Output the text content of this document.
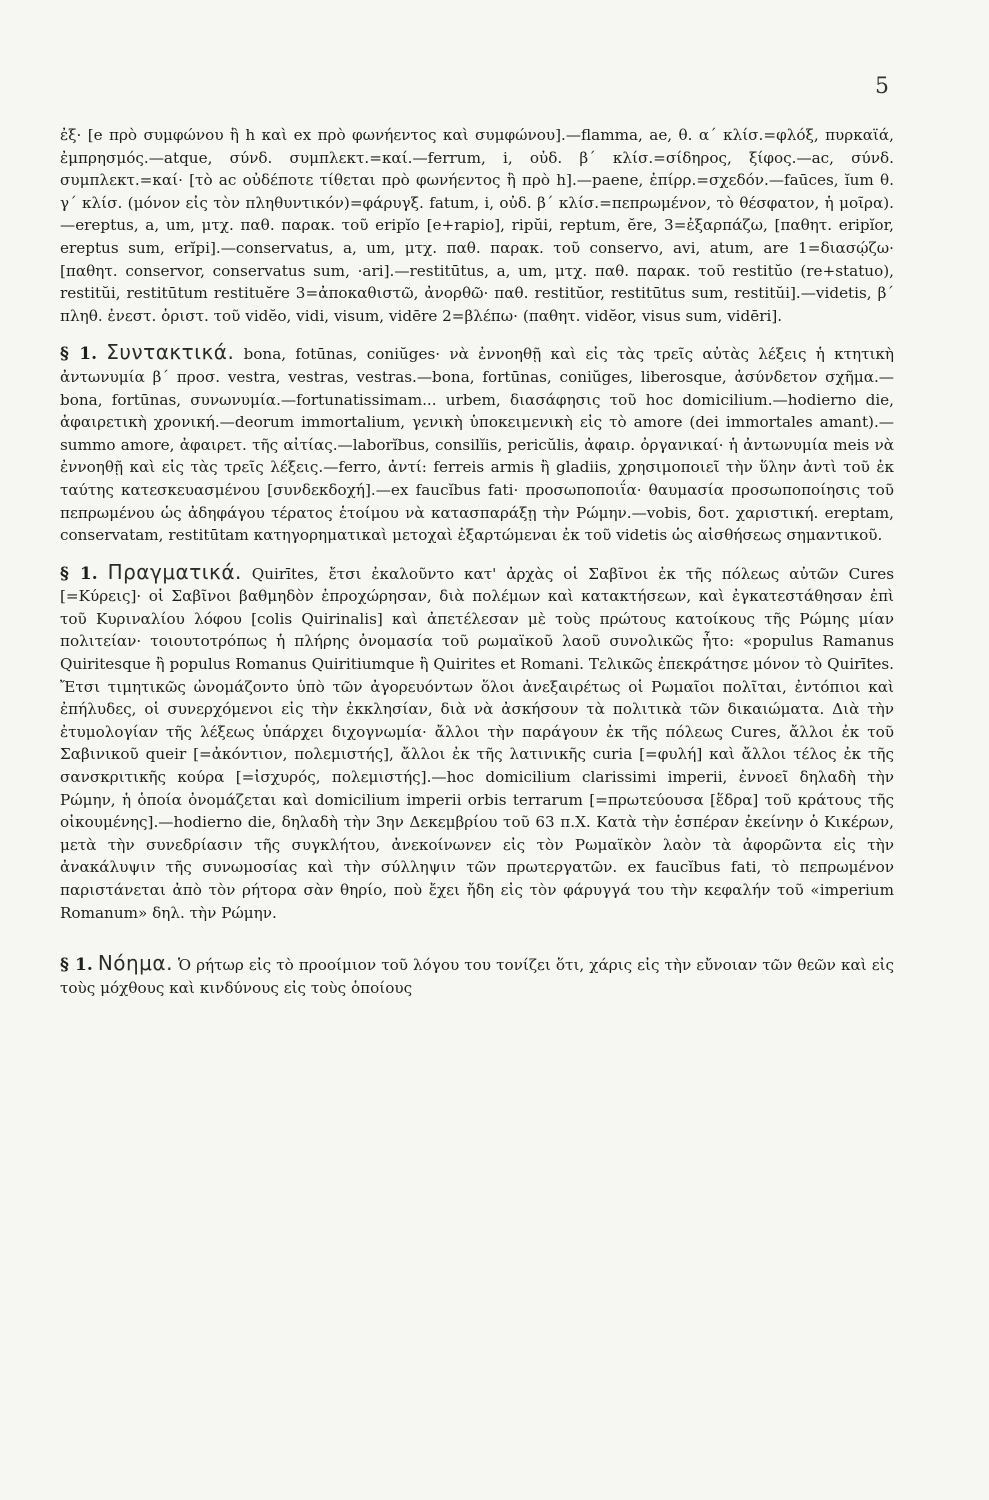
5

ἐξ· [e πρὸ συμφώνου ἢ h καὶ ex πρὸ φωνήεντος καὶ συμφώνου].—flamma, ae, θ. α΄ κλίσ.=φλόξ, πυρκαϊά, ἐμπρησμός.—atque, σύνδ. συμπλεκτ.=καί.—ferrum, i, οὐδ. β΄ κλίσ.=σίδηρος, ξίφος.—ac, σύνδ. συμπλεκτ.=καί· [τὸ ac οὐδέποτε τίθεται πρὸ φωνήεντος ἢ πρὸ h].—paene, ἐπίρρ.=σχεδόν.—faūces, ĭum θ. γ΄ κλίσ. (μόνον εἰς τὸν πληθυντικόν)=φάρυγξ. fatum, i, οὐδ. β΄ κλίσ.=πεπρωμένον, τὸ θέσφατον, ἡ μοῖρα).—ereptus, a, um, μτχ. παθ. παρακ. τοῦ eripĭo [e+rapio], ripŭi, reptum, ĕre, 3=ἐξαρπάζω, [παθητ. eripĭor, ereptus sum, erĭpi].—conservatus, a, um, μτχ. παθ. παρακ. τοῦ conservo, avi, atum, are 1=διασῴζω· [παθητ. conservor, conservatus sum, ·ari].—restitūtus, a, um, μτχ. παθ. παρακ. τοῦ restitŭo (re+statuo), restitŭi, restitūtum restituĕre 3=ἀποκαθιστῶ, ἀνορθῶ· παθ. restitŭor, restitūtus sum, restitŭi].—videtis, β΄ πληθ. ἐνεστ. ὁριστ. τοῦ vidĕo, vidi, visum, vidēre 2=βλέπω· (παθητ. vidĕor, visus sum, vidēri].

§ 1. Συντακτικά. bona, fotūnas, coniŭges· νὰ ἐννοηθῇ καὶ εἰς τὰς τρεῖς αὐτὰς λέξεις ἡ κτητικὴ ἀντωνυμία β΄ προσ. vestra, vestras, vestras.—bona, fortūnas, coniŭges, liberosque, ἀσύνδετον σχῆμα.—bona, fortūnas, συνωνυμία.—fortunatissimam... urbem, διασάφησις τοῦ hoc domicilium.—hodierno die, ἀφαιρετικὴ χρονική.—deorum immortalium, γενικὴ ὑποκειμενικὴ εἰς τὸ amore (dei immortales amant).—summo amore, ἀφαιρετ. τῆς αἰτίας.—laborĭbus, consilĭis, pericŭlis, ἀφαιρ. ὀργανικαί· ἡ ἀντωνυμία meis νὰ ἐννοηθῇ καὶ εἰς τὰς τρεῖς λέξεις.—ferro, ἀντί: ferreis armis ἢ gladiis, χρησιμοποιεῖ τὴν ὕλην ἀντὶ τοῦ ἐκ ταύτης κατεσκευασμένου [συνδεκδοχή].—ex faucĭbus fati· προσωποποιΐα· θαυμασία προσωποποίησις τοῦ πεπρωμένου ὡς ἀδηφάγου τέρατος ἑτοίμου νὰ κατασπαράξῃ τὴν Ρώμην.—vobis, δοτ. χαριστική. ereptam, conservatam, restitūtam κατηγορηματικαὶ μετοχαὶ ἐξαρτώμεναι ἐκ τοῦ videtis ὡς αἰσθήσεως σημαντικοῦ.

§ 1. Πραγματικά. Quirītes, ἔτσι ἐκαλοῦντο κατ' ἀρχὰς οἱ Σαβῖνοι ἐκ τῆς πόλεως αὐτῶν Cures [=Κύρεις]· οἱ Σαβῖνοι βαθμηδὸν ἐπροχώρησαν, διὰ πολέμων καὶ κατακτήσεων, καὶ ἐγκατεστάθησαν ἐπὶ τοῦ Κυριναλίου λόφου [colis Quirinalis] καὶ ἀπετέλεσαν μὲ τοὺς πρώτους κατοίκους τῆς Ρώμης μίαν πολιτείαν· τοιουτοτρόπως ἡ πλήρης ὀνομασία τοῦ ρωμαϊκοῦ λαοῦ συνολικῶς ἦτο: «populus Ramanus Quiritesque ἢ populus Romanus Quiritiumque ἢ Quirites et Romani. Τελικῶς ἐπεκράτησε μόνον τὸ Quirītes. Ἔτσι τιμητικῶς ὠνομάζοντο ὑπὸ τῶν ἀγορευόντων ὅλοι ἀνεξαιρέτως οἱ Ρωμαῖοι πολῖται, ἐντόπιοι καὶ ἐπήλυδες, οἱ συνερχόμενοι εἰς τὴν ἐκκλησίαν, διὰ νὰ ἀσκήσουν τὰ πολιτικὰ τῶν δικαιώματα. Διὰ τὴν ἐτυμολογίαν τῆς λέξεως ὑπάρχει διχογνωμία· ἄλλοι τὴν παράγουν ἐκ τῆς πόλεως Cures, ἄλλοι ἐκ τοῦ Σαβινικοῦ queir [=ἀκόντιον, πολεμιστής], ἄλλοι ἐκ τῆς λατινικῆς curia [=φυλή] καὶ ἄλλοι τέλος ἐκ τῆς σανσκριτικῆς κούρα [=ἰσχυρός, πολεμιστής].—hoc domicilium clarissimi imperii, ἐννοεῖ δηλαδὴ τὴν Ρώμην, ἡ ὁποία ὀνομάζεται καὶ domicilium imperii orbis terrarum [=πρωτεύουσα [ἕδρα] τοῦ κράτους τῆς οἰκουμένης].—hodierno die, δηλαδὴ τὴν 3ην Δεκεμβρίου τοῦ 63 π.Χ. Κατὰ τὴν ἑσπέραν ἐκείνην ὁ Κικέρων, μετὰ τὴν συνεδρίασιν τῆς συγκλήτου, ἀνεκοίνωνεν εἰς τὸν Ρωμαϊκὸν λαὸν τὰ ἀφορῶντα εἰς τὴν ἀνακάλυψιν τῆς συνωμοσίας καὶ τὴν σύλληψιν τῶν πρωτεργατῶν. ex faucĭbus fati, τὸ πεπρωμένον παριστάνεται ἀπὸ τὸν ρήτορα σὰν θηρίο, ποὺ ἔχει ἤδη εἰς τὸν φάρυγγά του τὴν κεφαλήν τοῦ «imperium Romanum» δηλ. τὴν Ρώμην.

§ 1. Νόημα. Ὁ ρήτωρ εἰς τὸ προοίμιον τοῦ λόγου του τονίζει ὅτι, χάρις εἰς τὴν εὔνοιαν τῶν θεῶν καὶ εἰς τοὺς μόχθους καὶ κινδύνους εἰς τοὺς ὁποίους
